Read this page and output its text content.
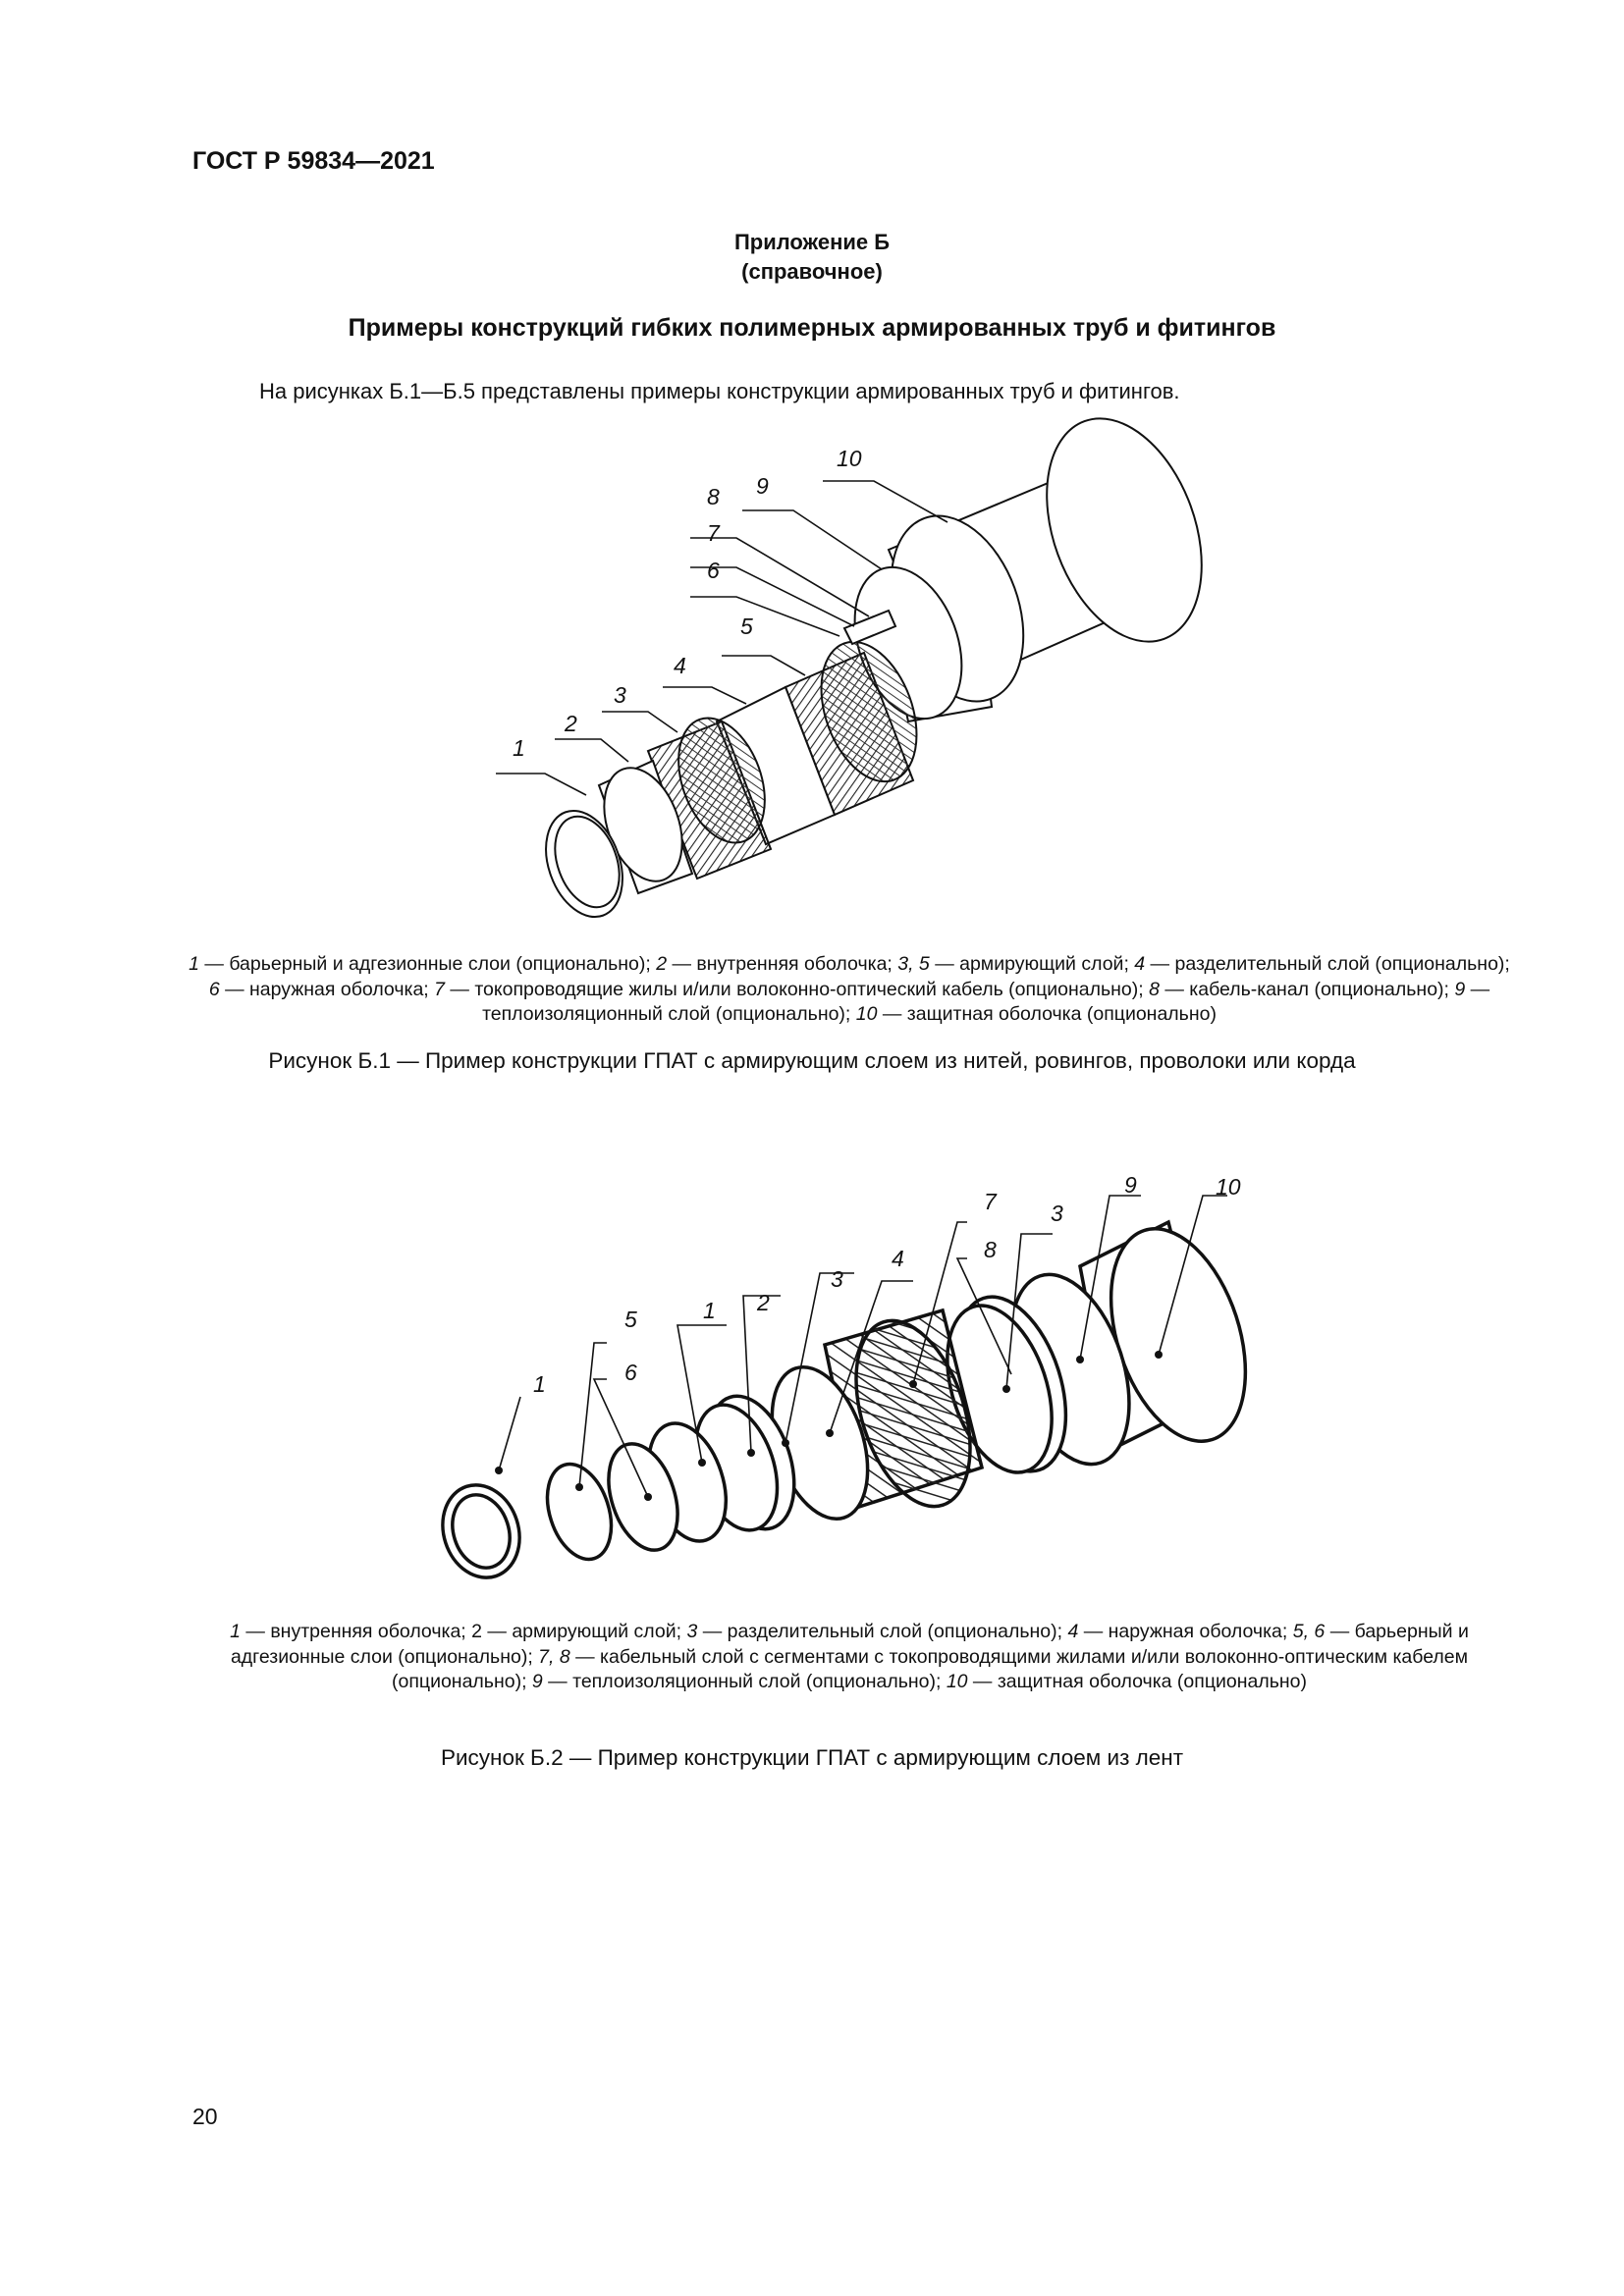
ГОСТ Р 59834—2021
Приложение Б
(справочное)
Примеры конструкций гибких полимерных армированных труб и фитингов
На рисунках Б.1—Б.5 представлены примеры конструкции армированных труб и фитингов.
1
2
3
4
5
6
7
8 9
10
1 — барьерный и адгезионные слои (опционально); 2 — внутренняя оболочка; 3, 5 — армирующий слой; 4 — разделительный слой (опционально); 6 — наружная оболочка; 7 — токопроводящие жилы и/или волоконно-оптический кабель (опционально); 8 — кабель-канал (опционально); 9 — теплоизоляционный слой (опционально); 10 — защитная оболочка (опционально)
Рисунок Б.1 — Пример конструкции ГПАТ с армирующим слоем из нитей, ровингов, проволоки или корда
1
5
6
1 2
3
4
7
8
3
9	10
1 — внутренняя оболочка; 2 — армирующий слой; 3 — разделительный слой (опционально); 4 — наружная оболочка; 5, 6 — барьерный и адгезионные слои (опционально); 7, 8 — кабельный слой с сегментами с токопроводящими жилами и/или волоконно-оптическим кабелем (опционально); 9 — теплоизоляционный слой (опционально); 10 — защитная оболочка (опционально)
Рисунок Б.2 — Пример конструкции ГПАТ с армирующим слоем из лент
20
